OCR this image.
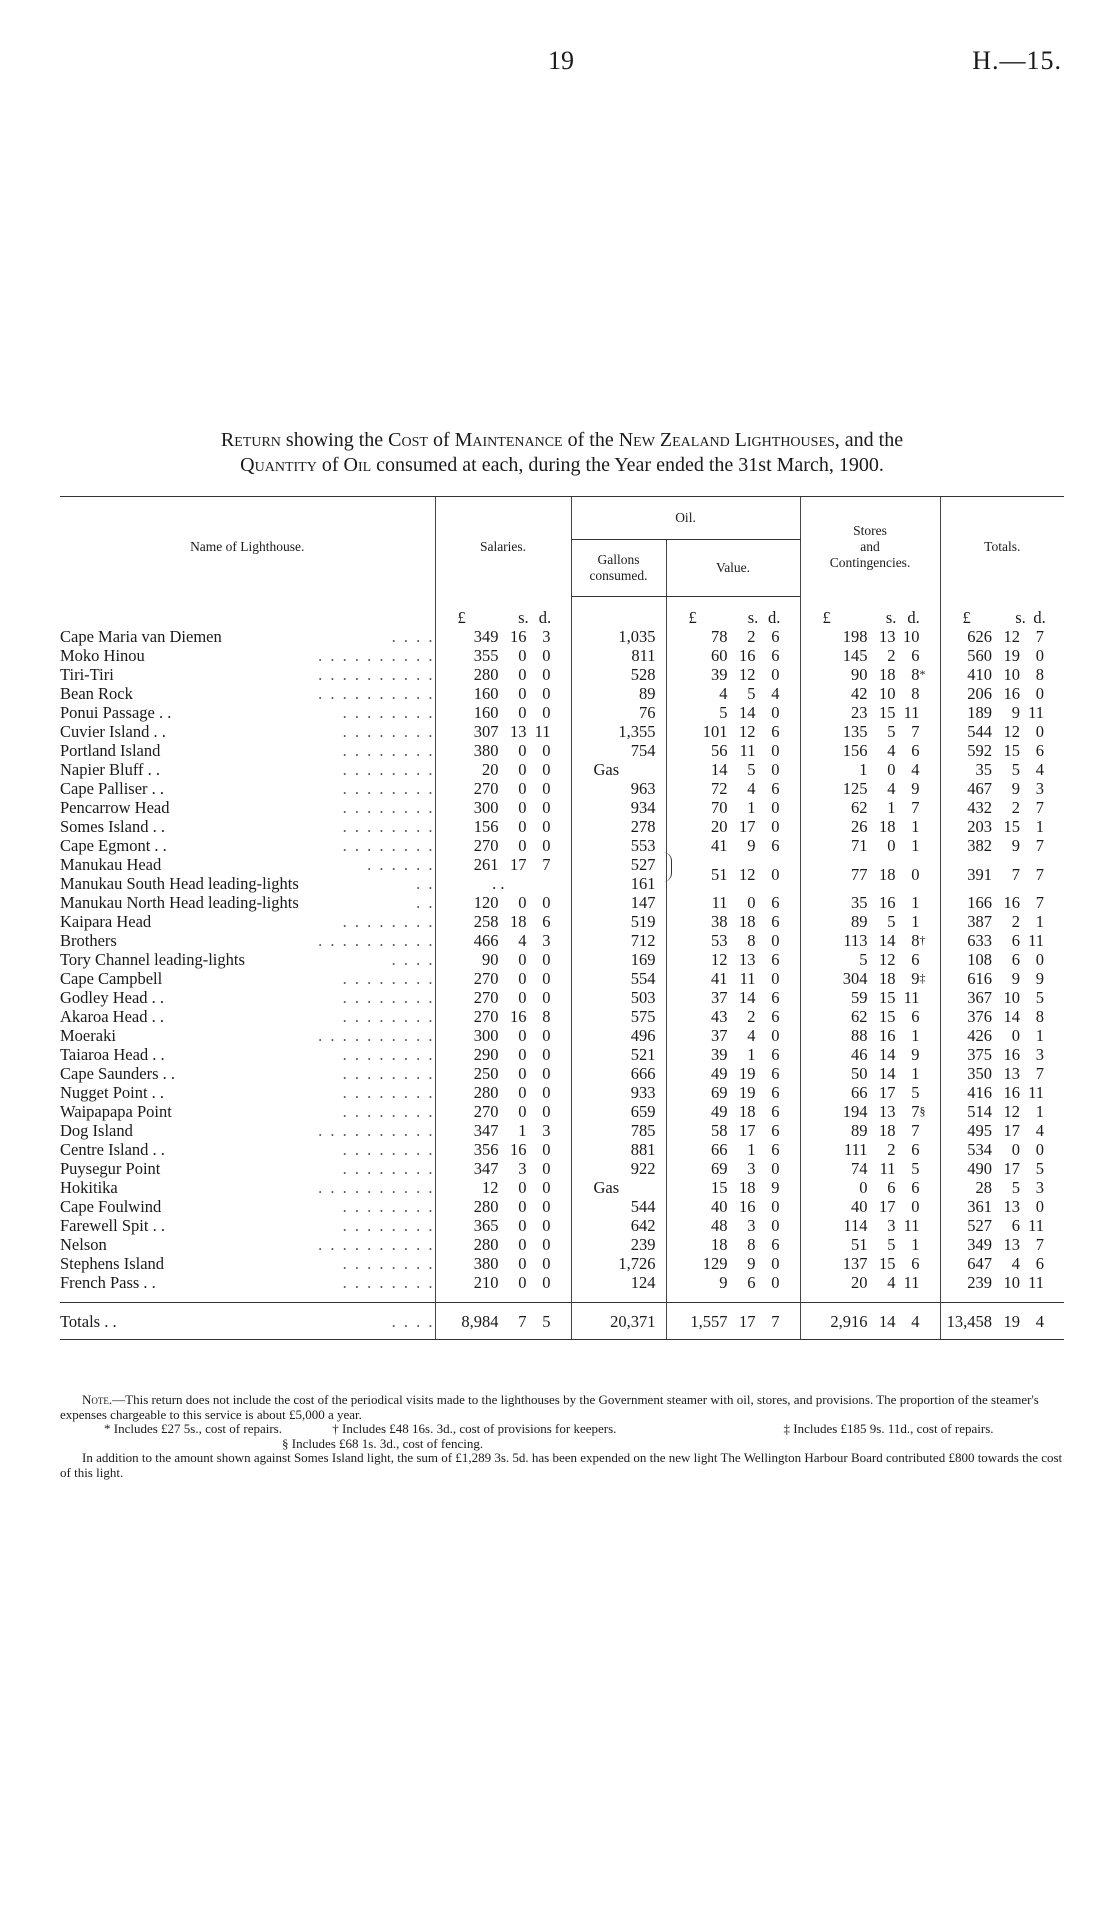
19	H.—15.
Return showing the Cost of Maintenance of the New Zealand Lighthouses, and the
Quantity of Oil consumed at each, during the Year ended the 31st March, 1900.
Name of Lighthouse.	Salaries.	Oil.		Stores
and
Contingencies.	Totals.
		Gallons consumed.	Value.		

	£ s. d.		£ s. d.	£ s. d.	£ s. d.

. . . .
Cape Maria van Diemen	349 16 3	1,035	78 2 6	198 13 10	626 12 7

. . . . . . . . . .
Moko Hinou	355 0 0	811	60 16 6	145 2 6	560 19 0

. . . . . . . . . .
Tiri-Tiri	280 0 0	528	39 12 0	90 18 8 *	410 10 8

. . . . . . . . . .
Bean Rock	160 0 0	89	4 5 4	42 10 8	206 16 0

. . . . . . . .
Ponui Passage . .	160 0 0	76	5 14 0	23 15 11	189 9 11

. . . . . . . .
Cuvier Island . .	307 13 11	1,355	101 12 6	135 5 7	544 12 0

. . . . . . . .
Portland Island	380 0 0	754	56 11 0	156 4 6	592 15 6

. . . . . . . .
Napier Bluff . .	20 0 0	Gas	14 5 0	1 0 4	35 5 4

. . . . . . . .
Cape Palliser . .	270 0 0	963	72 4 6	125 4 9	467 9 3

. . . . . . . .
Pencarrow Head	300 0 0	934	70 1 0	62 1 7	432 2 7

. . . . . . . .
Somes Island . .	156 0 0	278	20 17 0	26 18 1	203 15 1

. . . . . . . .
Cape Egmont . .	270 0 0	553	41 9 6	71 0 1	382 9 7

. . . . . .
Manukau Head	261 17 7	527	51 12 0	77 18 0	391 7 7

. .
Manukau South Head leading-lights	. .	161			

. .
Manukau North Head leading-lights	120 0 0	147	11 0 6	35 16 1	166 16 7

. . . . . . . .
Kaipara Head	258 18 6	519	38 18 6	89 5 1	387 2 1

. . . . . . . . . .
Brothers	466 4 3	712	53 8 0	113 14 8 †	633 6 11

. . . .
Tory Channel leading-lights	90 0 0	169	12 13 6	5 12 6	108 6 0

. . . . . . . .
Cape Campbell	270 0 0	554	41 11 0	304 18 9 ‡	616 9 9

. . . . . . . .
Godley Head . .	270 0 0	503	37 14 6	59 15 11	367 10 5

. . . . . . . .
Akaroa Head . .	270 16 8	575	43 2 6	62 15 6	376 14 8

. . . . . . . . . .
Moeraki	300 0 0	496	37 4 0	88 16 1	426 0 1

. . . . . . . .
Taiaroa Head . .	290 0 0	521	39 1 6	46 14 9	375 16 3

. . . . . . . .
Cape Saunders . .	250 0 0	666	49 19 6	50 14 1	350 13 7

. . . . . . . .
Nugget Point . .	280 0 0	933	69 19 6	66 17 5	416 16 11

. . . . . . . .
Waipapapa Point	270 0 0	659	49 18 6	194 13 7 §	514 12 1

. . . . . . . . . .
Dog Island	347 1 3	785	58 17 6	89 18 7	495 17 4

. . . . . . . .
Centre Island . .	356 16 0	881	66 1 6	111 2 6	534 0 0

. . . . . . . .
Puysegur Point	347 3 0	922	69 3 0	74 11 5	490 17 5

. . . . . . . . . .
Hokitika	12 0 0	Gas	15 18 9	0 6 6	28 5 3

. . . . . . . .
Cape Foulwind	280 0 0	544	40 16 0	40 17 0	361 13 0

. . . . . . . .
Farewell Spit . .	365 0 0	642	48 3 0	114 3 11	527 6 11

. . . . . . . . . .
Nelson	280 0 0	239	18 8 6	51 5 1	349 13 7

. . . . . . . .
Stephens Island	380 0 0	1,726	129 9 0	137 15 6	647 4 6

. . . . . . . .
French Pass . .	210 0 0	124	9 6 0	20 4 11	239 10 11

. . . .
Totals . .	8,984 7 5	20,371	1,557 17 7	2,916 14 4	13,458 19 4

Note.—This return does not include the cost of the periodical visits made to the lighthouses by the Government steamer with oil, stores, and provisions. The proportion of the steamer's expenses chargeable to this service is about £5,000 a year.

* Includes £27 5s., cost of repairs.	† Includes £48 16s. 3d., cost of provisions for keepers.	‡ Includes £185 9s. 11d., cost of repairs.

§ Includes £68 1s. 3d., cost of fencing.

In addition to the amount shown against Somes Island light, the sum of £1,289 3s. 5d. has been expended on the new light The Wellington Harbour Board contributed £800 towards the cost of this light.
